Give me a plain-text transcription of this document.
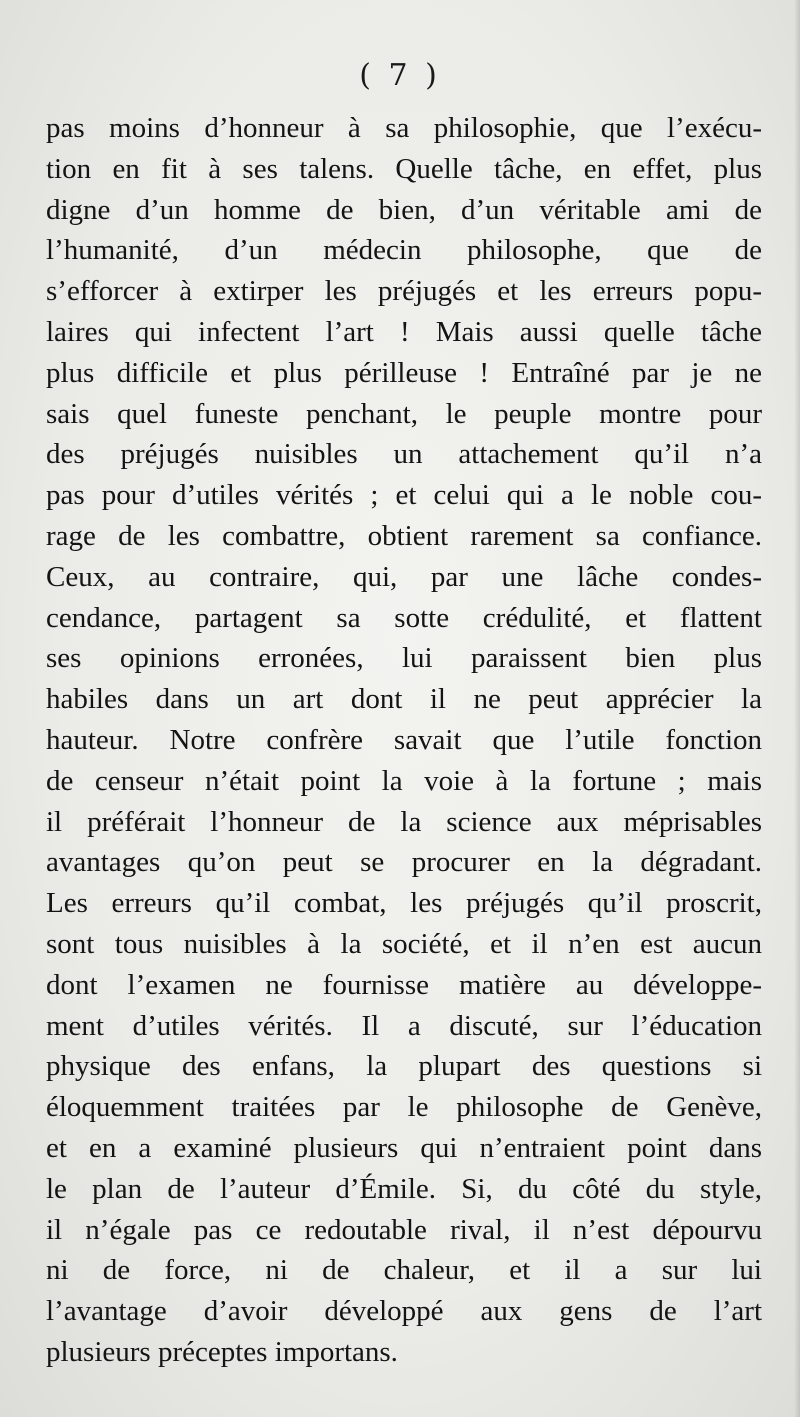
( 7 )
pas moins d’honneur à sa philosophie, que l’exécu-
tion en fit à ses talens. Quelle tâche, en effet, plus
digne d’un homme de bien, d’un véritable ami de
l’humanité, d’un médecin philosophe, que de
s’efforcer à extirper les préjugés et les erreurs popu-
laires qui infectent l’art ! Mais aussi quelle tâche
plus difficile et plus périlleuse ! Entraîné par je ne
sais quel funeste penchant, le peuple montre pour
des préjugés nuisibles un attachement qu’il n’a
pas pour d’utiles vérités ; et celui qui a le noble cou-
rage de les combattre, obtient rarement sa confiance.
Ceux, au contraire, qui, par une lâche condes-
cendance, partagent sa sotte crédulité, et flattent
ses opinions erronées, lui paraissent bien plus
habiles dans un art dont il ne peut apprécier la
hauteur. Notre confrère savait que l’utile fonction
de censeur n’était point la voie à la fortune ; mais
il préférait l’honneur de la science aux méprisables
avantages qu’on peut se procurer en la dégradant.
Les erreurs qu’il combat, les préjugés qu’il proscrit,
sont tous nuisibles à la société, et il n’en est aucun
dont l’examen ne fournisse matière au développe-
ment d’utiles vérités. Il a discuté, sur l’éducation
physique des enfans, la plupart des questions si
éloquemment traitées par le philosophe de Genève,
et en a examiné plusieurs qui n’entraient point dans
le plan de l’auteur d’Émile. Si, du côté du style,
il n’égale pas ce redoutable rival, il n’est dépourvu
ni de force, ni de chaleur, et il a sur lui
l’avantage d’avoir développé aux gens de l’art
plusieurs préceptes importans.
